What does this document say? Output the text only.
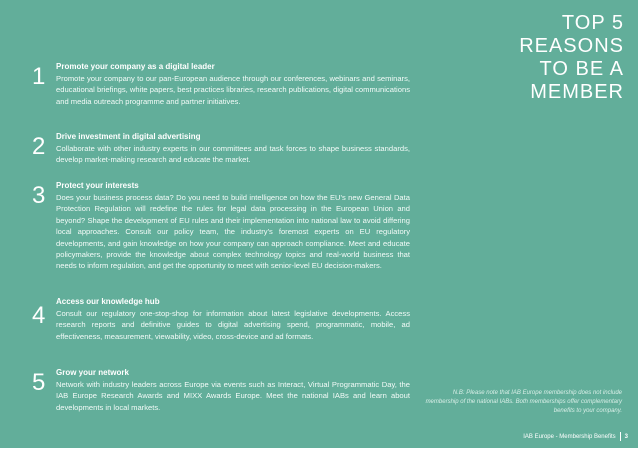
TOP 5
REASONS
TO BE A
MEMBER
1 Promote your company as a digital leader
Promote your company to our pan-European audience through our conferences, webinars and seminars, educational briefings, white papers, best practices libraries, research publications, digital communications and media outreach programme and partner initiatives.
2 Drive investment in digital advertising
Collaborate with other industry experts in our committees and task forces to shape business standards, develop market-making research and educate the market.
3 Protect your interests
Does your business process data? Do you need to build intelligence on how the EU's new General Data Protection Regulation will redefine the rules for legal data processing in the European Union and beyond? Shape the development of EU rules and their implementation into national law to avoid differing local approaches. Consult our policy team, the industry's foremost experts on EU regulatory developments, and gain knowledge on how your company can approach compliance. Meet and educate policymakers, provide the knowledge about complex technology topics and real-world business that needs to inform regulation, and get the opportunity to meet with senior-level EU decision-makers.
4
Access our knowledge hub
Consult our regulatory one-stop-shop for information about latest legislative developments. Access research reports and definitive guides to digital advertising spend, programmatic, mobile, ad effectiveness, measurement, viewability, video, cross-device and ad formats.
5 Grow your network
Network with industry leaders across Europe via events such as Interact, Virtual Programmatic Day, the IAB Europe Research Awards and MIXX Awards Europe. Meet the national IABs and learn about developments in local markets.
N.B: Please note that IAB Europe membership does not include membership of the national IABs. Both memberships offer complementary benefits to your company.
IAB Europe - Membership Benefits 3
